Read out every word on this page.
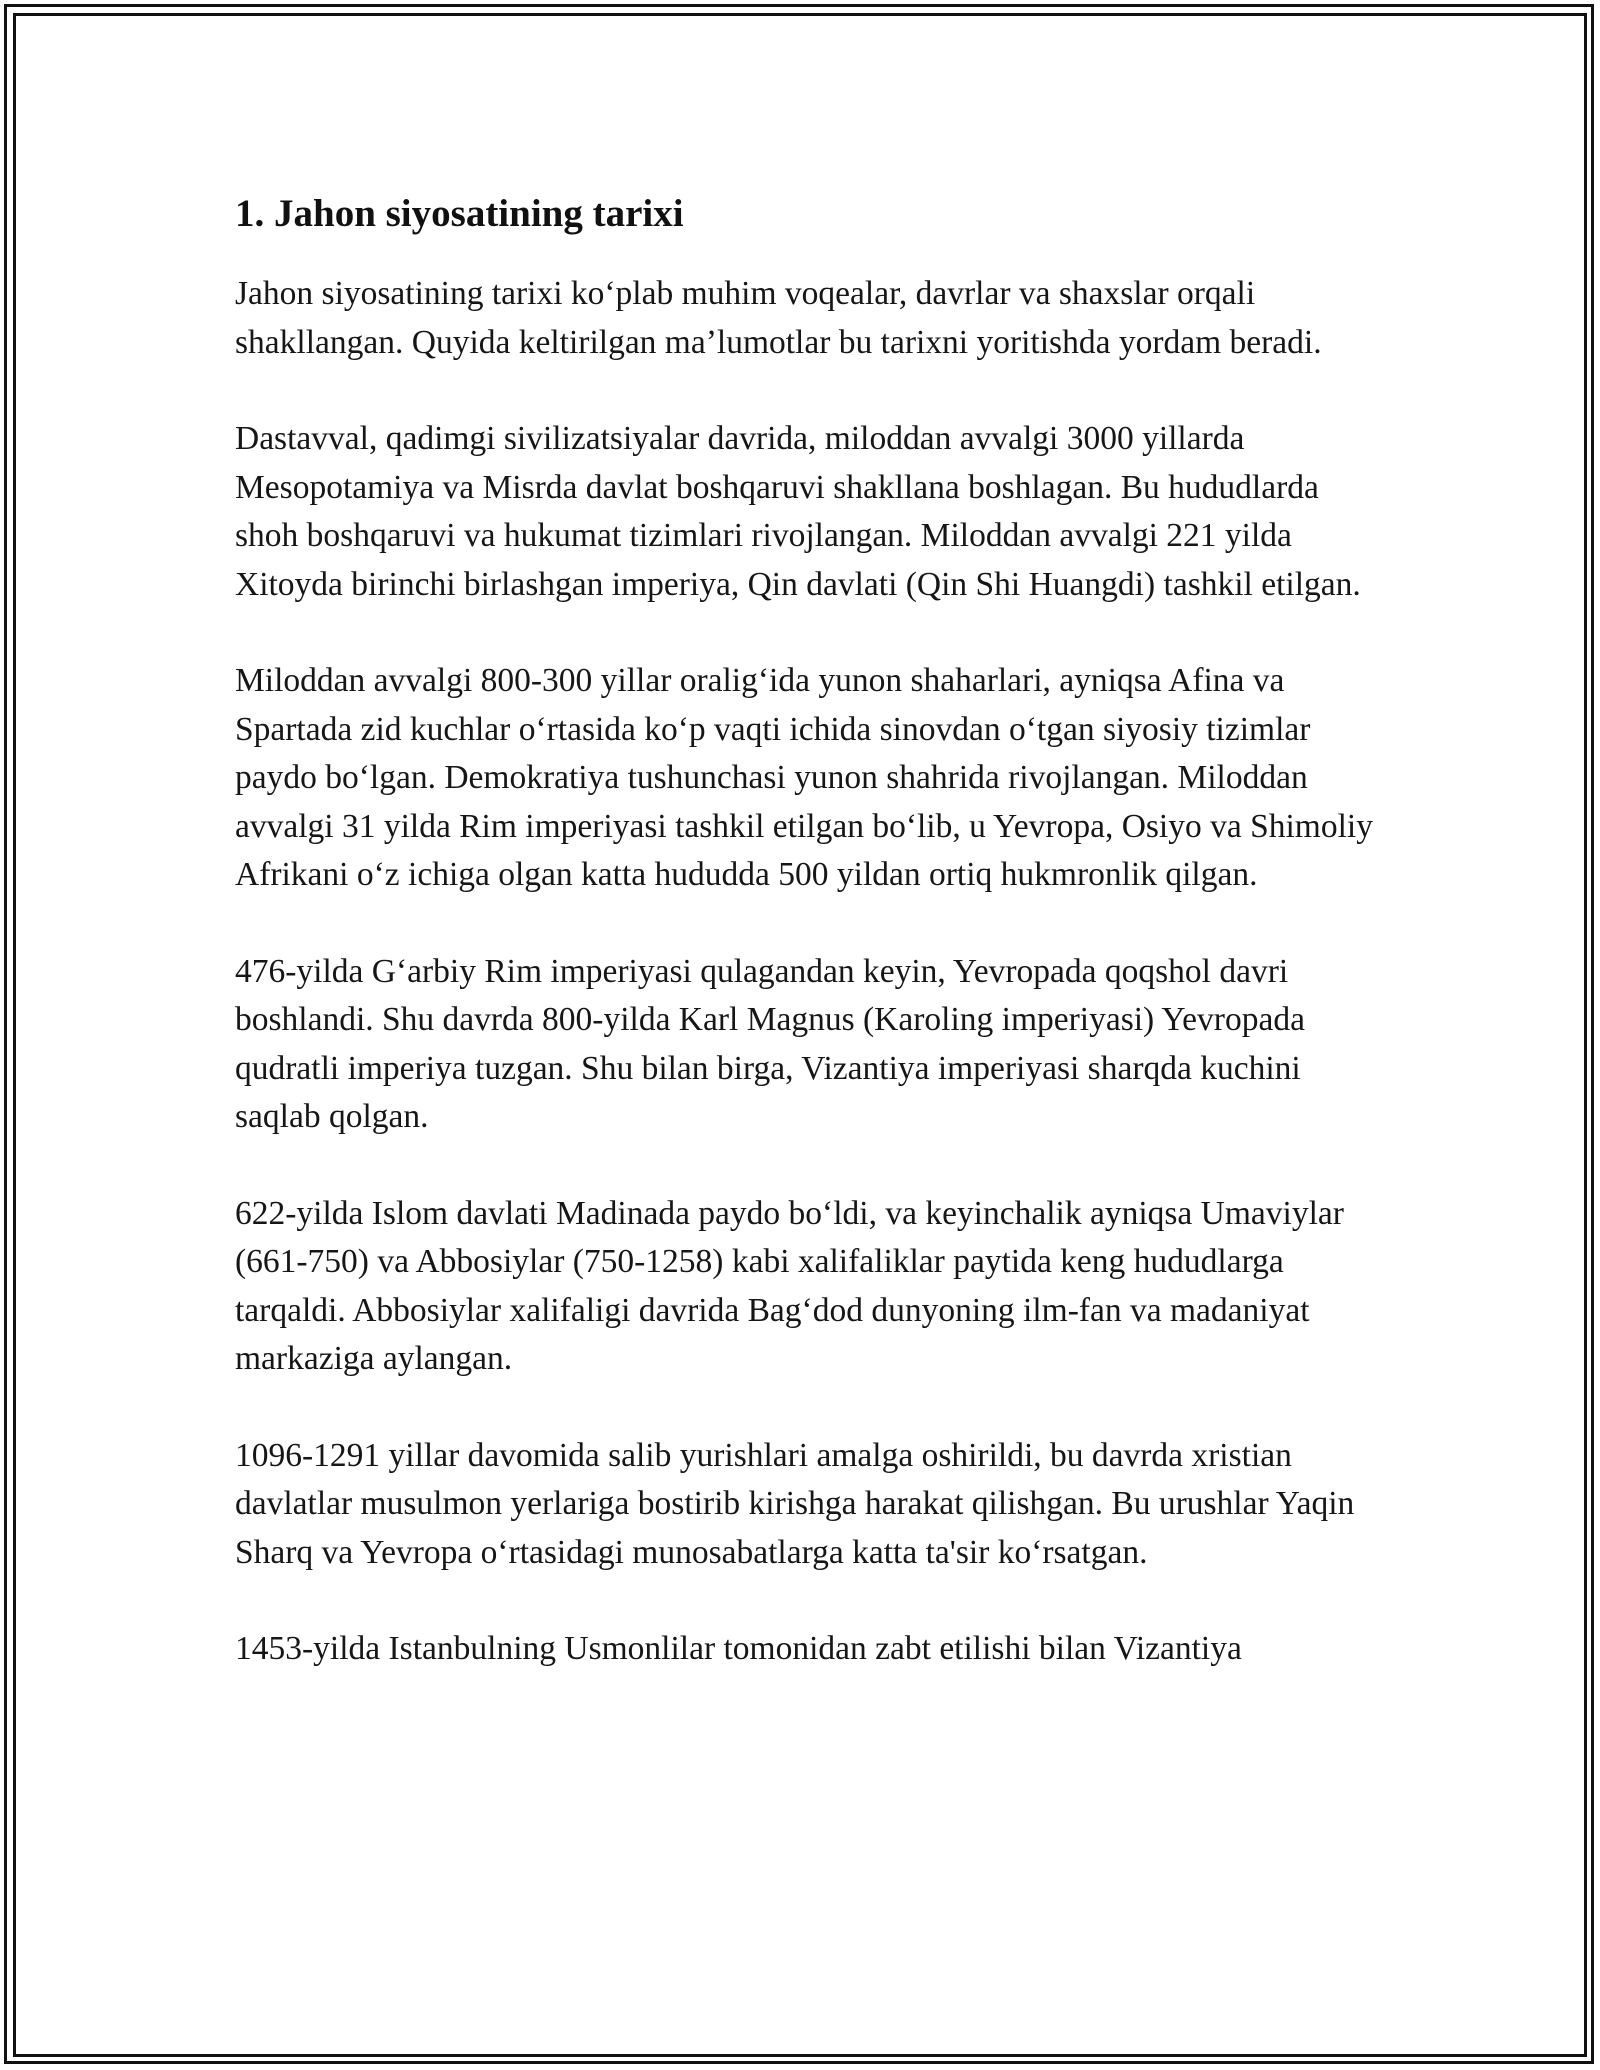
1. Jahon siyosatining tarixi

Jahon siyosatining tarixi koʻplab muhim voqealar, davrlar va shaxslar orqali shakllangan. Quyida keltirilgan maʼlumotlar bu tarixni yoritishda yordam beradi.

Dastavval, qadimgi sivilizatsiyalar davrida, miloddan avvalgi 3000 yillarda Mesopotamiya va Misrda davlat boshqaruvi shakllana boshlagan. Bu hududlarda shoh boshqaruvi va hukumat tizimlari rivojlangan. Miloddan avvalgi 221 yilda Xitoyda birinchi birlashgan imperiya, Qin davlati (Qin Shi Huangdi) tashkil etilgan.

Miloddan avvalgi 800-300 yillar oraligʻida yunon shaharlari, ayniqsa Afina va Spartada zid kuchlar oʻrtasida koʻp vaqti ichida sinovdan oʻtgan siyosiy tizimlar paydo boʻlgan. Demokratiya tushunchasi yunon shahrida rivojlangan. Miloddan avvalgi 31 yilda Rim imperiyasi tashkil etilgan boʻlib, u Yevropa, Osiyo va Shimoliy Afrikani oʻz ichiga olgan katta hududda 500 yildan ortiq hukmronlik qilgan.

476-yilda Gʻarbiy Rim imperiyasi qulagandan keyin, Yevropada qoqshol davri boshlandi. Shu davrda 800-yilda Karl Magnus (Karoling imperiyasi) Yevropada qudratli imperiya tuzgan. Shu bilan birga, Vizantiya imperiyasi sharqda kuchini saqlab qolgan.

622-yilda Islom davlati Madinada paydo boʻldi, va keyinchalik ayniqsa Umaviylar (661-750) va Abbosiylar (750-1258) kabi xalifaliklar paytida keng hududlarga tarqaldi. Abbosiylar xalifaligi davrida Bagʻdod dunyoning ilm-fan va madaniyat markaziga aylangan.

1096-1291 yillar davomida salib yurishlari amalga oshirildi, bu davrda xristian davlatlar musulmon yerlariga bostirib kirishga harakat qilishgan. Bu urushlar Yaqin Sharq va Yevropa oʻrtasidagi munosabatlarga katta ta'sir koʻrsatgan.

1453-yilda Istanbulning Usmonlilar tomonidan zabt etilishi bilan Vizantiya
